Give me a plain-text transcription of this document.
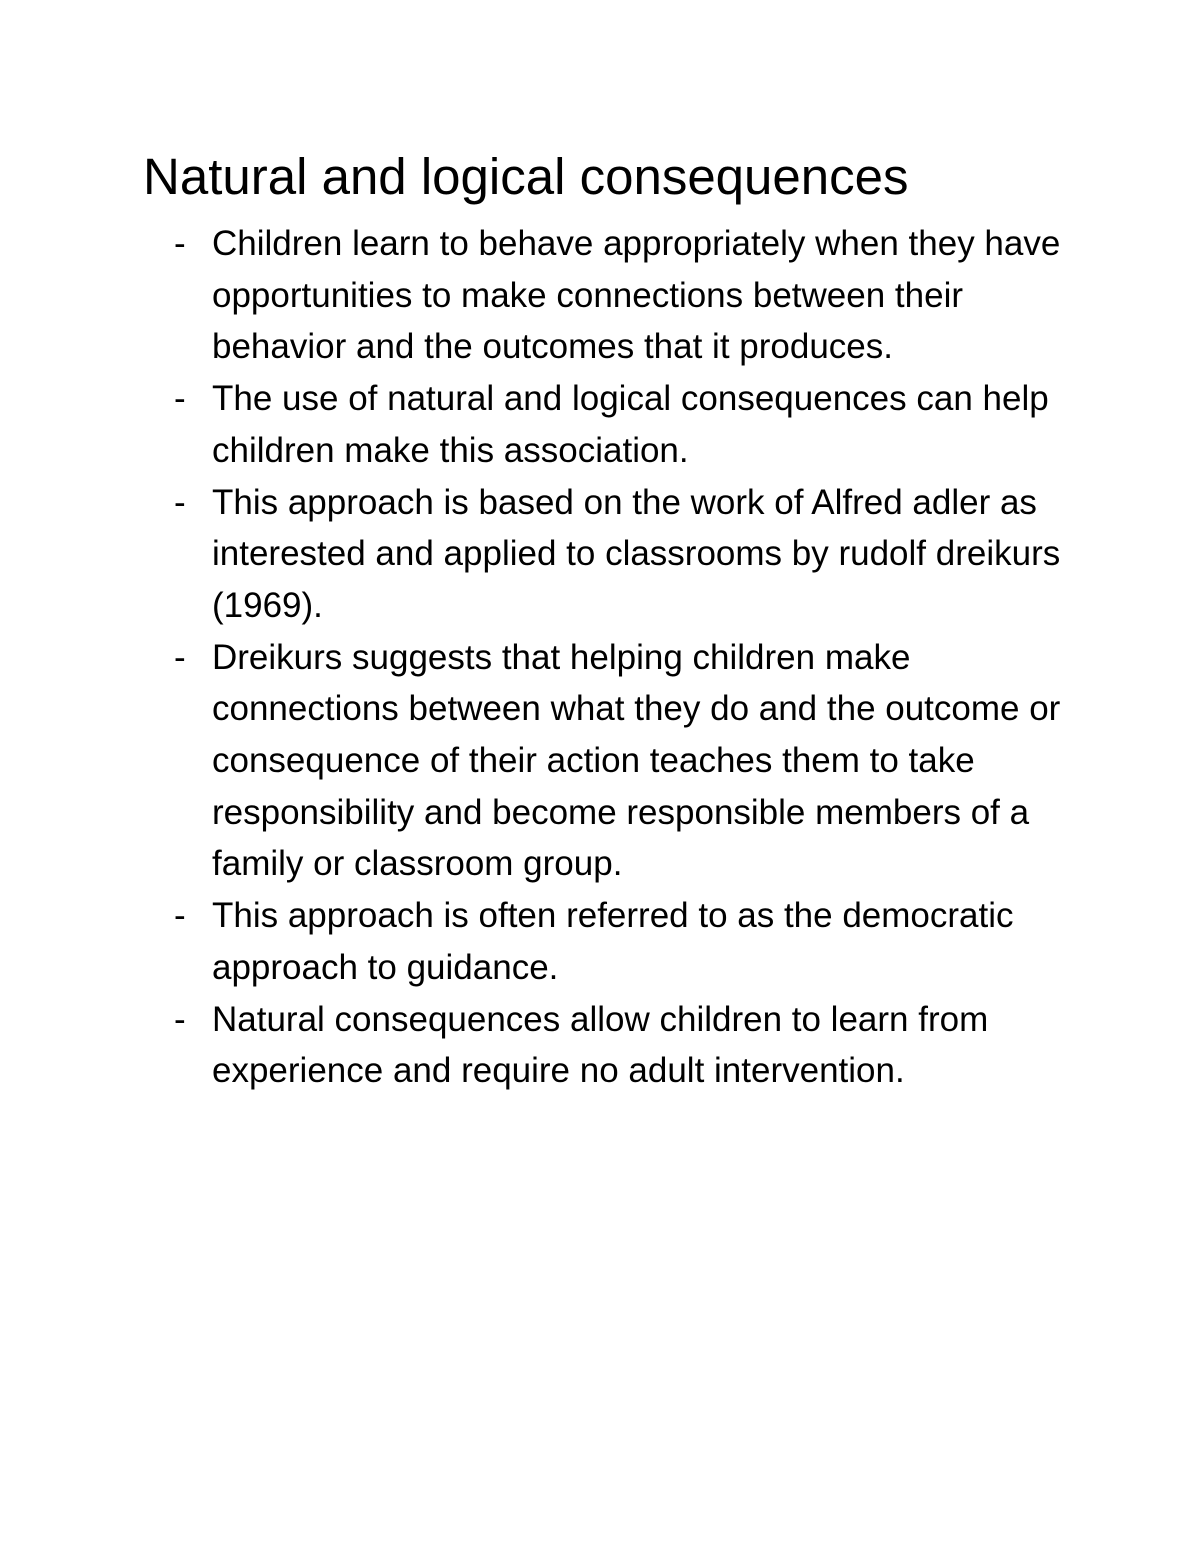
Natural and logical consequences
- Children learn to behave appropriately when they have opportunities to make connections between their behavior and the outcomes that it produces.
- The use of natural and logical consequences can help children make this association.
- This approach is based on the work of Alfred adler as interested and applied to classrooms by rudolf dreikurs (1969).
- Dreikurs suggests that helping children make connections between what they do and the outcome or consequence of their action teaches them to take responsibility and become responsible members of a family or classroom group.
- This approach is often referred to as the democratic approach to guidance.
- Natural consequences allow children to learn from experience and require no adult intervention.
